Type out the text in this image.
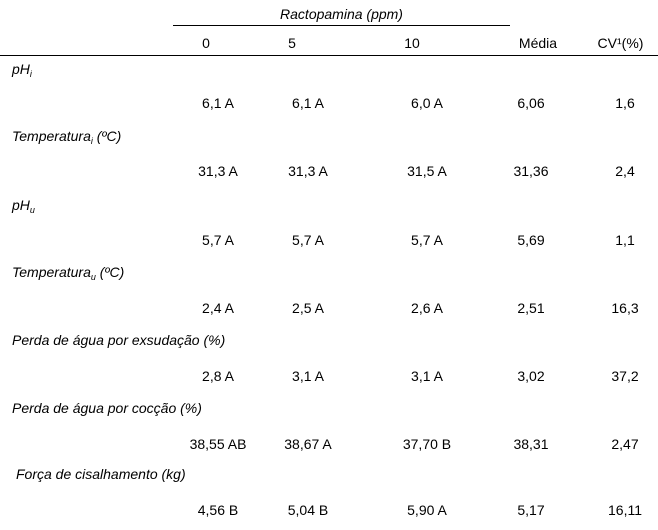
Ractopamina (ppm)
0	5	10	Média	CV¹(%)
$pH_i$
6,1 A	6,1 A	6,0 A	6,06	1,6
Temperatura$_i$ (ºC)
31,3 A	31,3 A	31,5 A	31,36	2,4
$pH_u$
5,7 A	5,7 A	5,7 A	5,69	1,1
Temperatura$_u$ (ºC)
2,4 A	2,5 A	2,6 A	2,51	16,3
Perda de água por exsudação (%)
2,8 A	3,1 A	3,1 A	3,02	37,2
Perda de água por cocção (%)
38,55 AB	38,67 A	37,70 B	38,31	2,47
Força de cisalhamento (kg)
4,56 B	5,04 B	5,90 A	5,17	16,11
